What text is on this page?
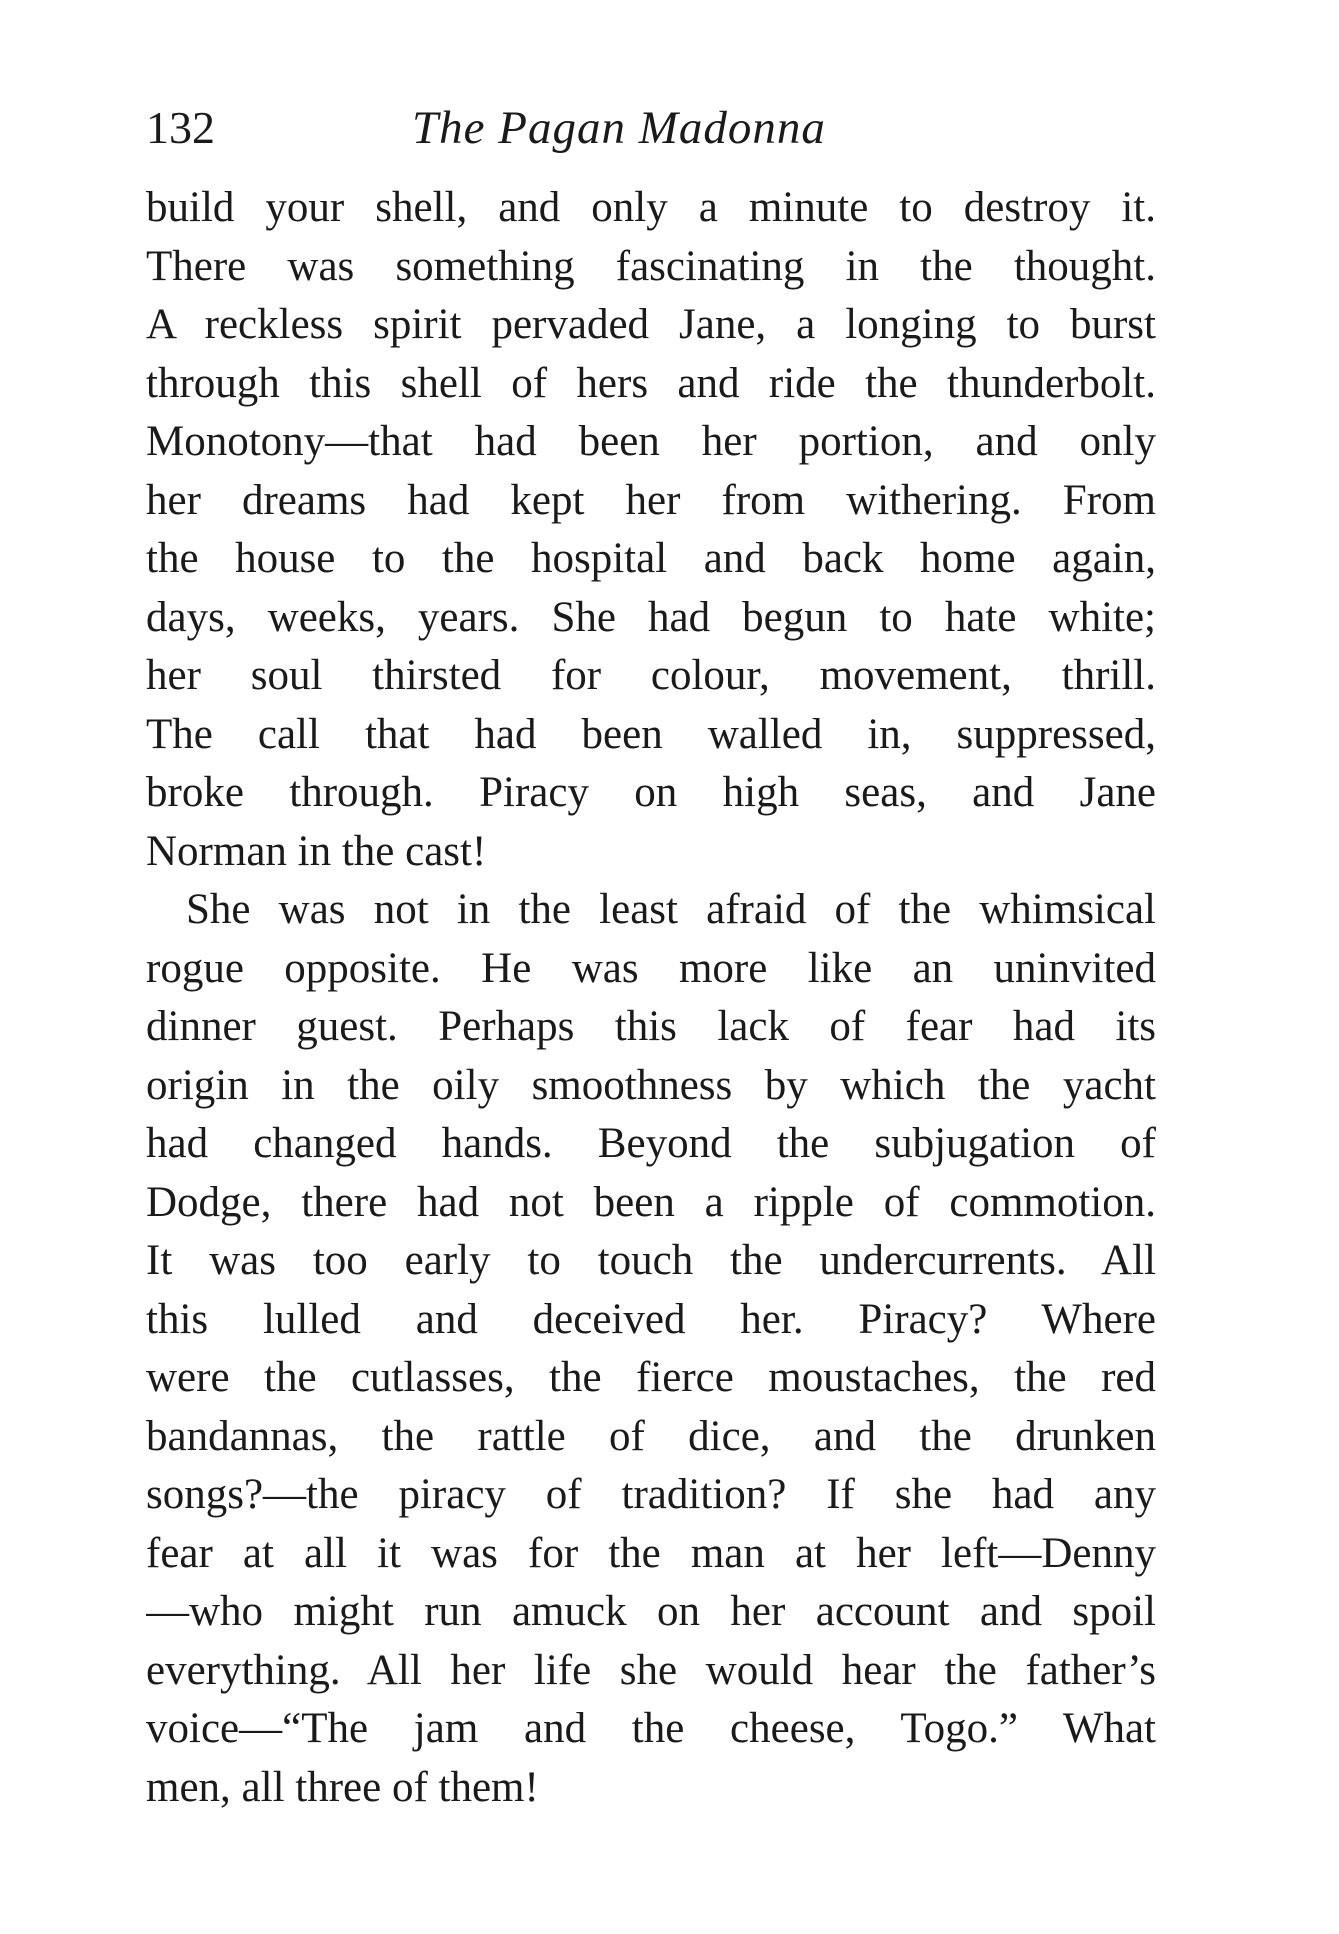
132	The Pagan Madonna
build your shell, and only a minute to destroy it.
There was something fascinating in the thought.
A reckless spirit pervaded Jane, a longing to burst
through this shell of hers and ride the thunderbolt.
Monotony—that had been her portion, and only
her dreams had kept her from withering. From
the house to the hospital and back home again,
days, weeks, years. She had begun to hate white;
her soul thirsted for colour, movement, thrill.
The call that had been walled in, suppressed,
broke through. Piracy on high seas, and Jane
Norman in the cast!
She was not in the least afraid of the whimsical
rogue opposite. He was more like an uninvited
dinner guest. Perhaps this lack of fear had its
origin in the oily smoothness by which the yacht
had changed hands. Beyond the subjugation of
Dodge, there had not been a ripple of commotion.
It was too early to touch the undercurrents. All
this lulled and deceived her. Piracy? Where
were the cutlasses, the fierce moustaches, the red
bandannas, the rattle of dice, and the drunken
songs?—the piracy of tradition? If she had any
fear at all it was for the man at her left—Denny
—who might run amuck on her account and spoil
everything. All her life she would hear the father’s
voice—“The jam and the cheese, Togo.” What
men, all three of them!
